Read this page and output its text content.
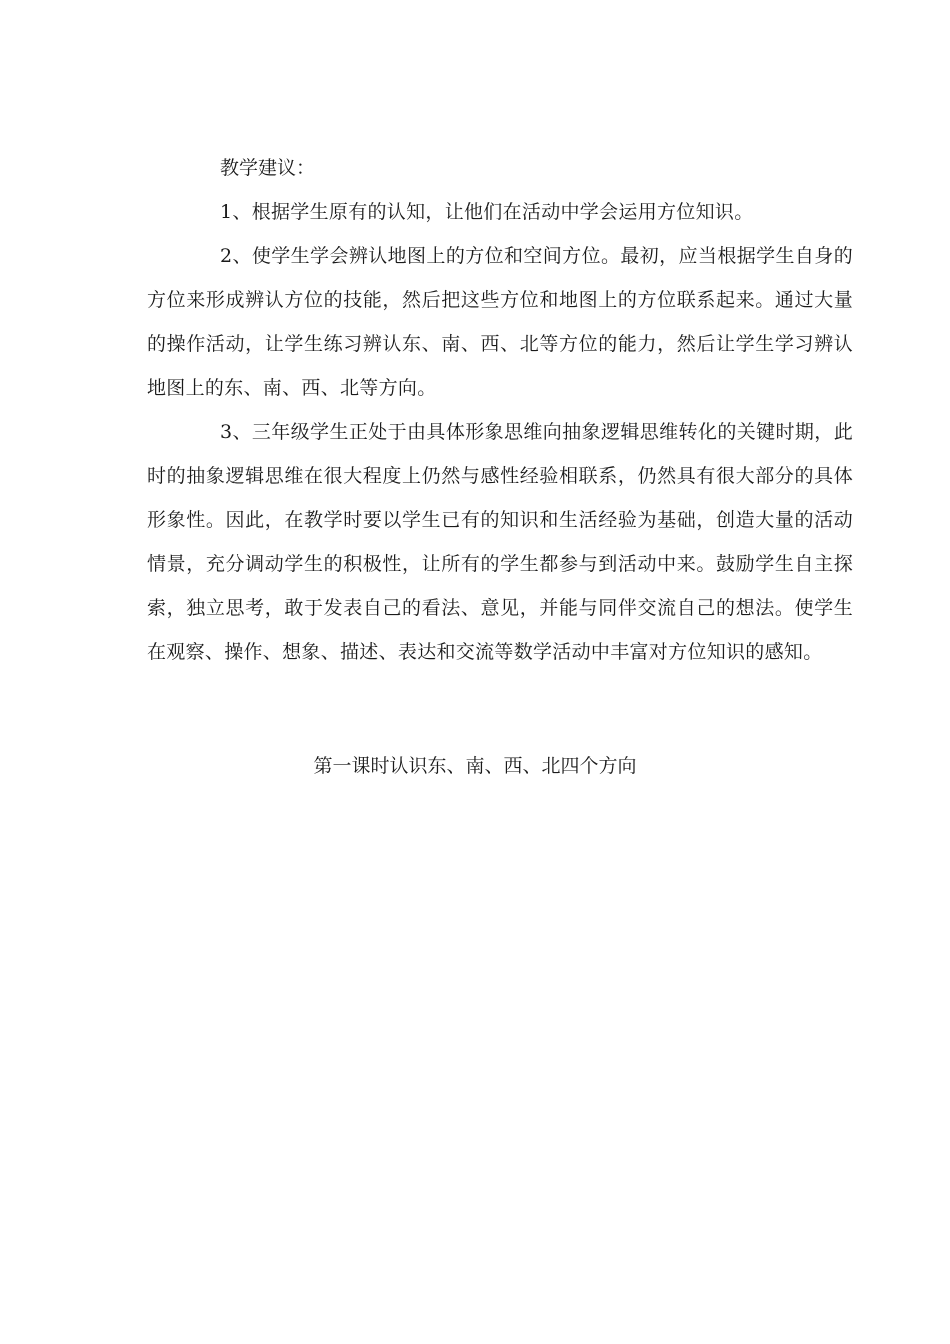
教学建议：

1、根据学生原有的认知，让他们在活动中学会运用方位知识。

2、使学生学会辨认地图上的方位和空间方位。最初，应当根据学生自身的方位来形成辨认方位的技能，然后把这些方位和地图上的方位联系起来。通过大量的操作活动，让学生练习辨认东、南、西、北等方位的能力，然后让学生学习辨认地图上的东、南、西、北等方向。

3、三年级学生正处于由具体形象思维向抽象逻辑思维转化的关键时期，此时的抽象逻辑思维在很大程度上仍然与感性经验相联系，仍然具有很大部分的具体形象性。因此，在教学时要以学生已有的知识和生活经验为基础，创造大量的活动情景，充分调动学生的积极性，让所有的学生都参与到活动中来。鼓励学生自主探索，独立思考，敢于发表自己的看法、意见，并能与同伴交流自己的想法。使学生在观察、操作、想象、描述、表达和交流等数学活动中丰富对方位知识的感知。

第一课时认识东、南、西、北四个方向
